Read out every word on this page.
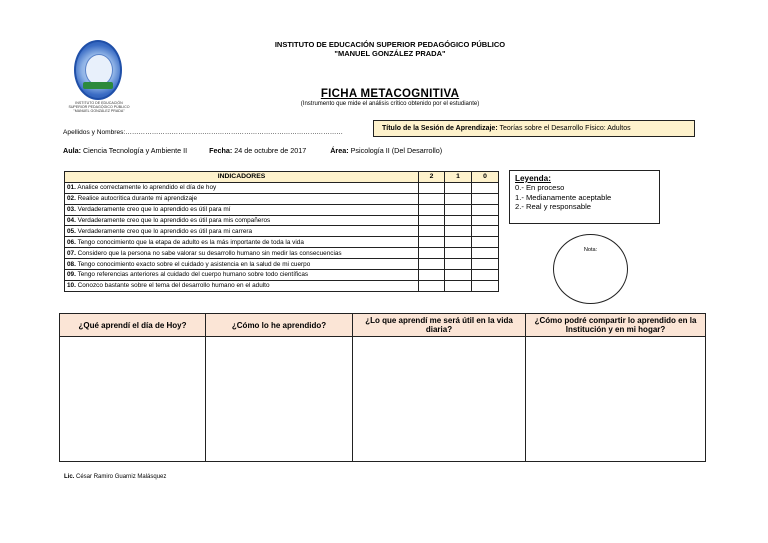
INSTITUTO DE EDUCACIÓN SUPERIOR PEDAGÓGICO PÚBLICO
"MANUEL GONZÁLEZ PRADA"
INSTITUTO DE EDUCACIÓN SUPERIOR PEDAGÓGICO PÚBLICO
"MANUEL GONZÁLEZ PRADA"
FICHA METACOGNITIVA
(Instrumento que mide el análisis crítico obtenido por el estudiante)
Apellidos y Nombres:………………………………………………………………………………………
Título de la Sesión de Aprendizaje: Teorías sobre el Desarrollo Físico: Adultos
Aula: Ciencia Tecnología y Ambiente II	Fecha: 24 de octubre de 2017	Área: Psicología II (Del Desarrollo)
INDICADORES	2	1	0
01. Analice correctamente lo aprendido el día de hoy			
02. Realice autocrítica durante mi aprendizaje			
03. Verdaderamente creo que lo aprendido es útil para mí			
04. Verdaderamente creo que lo aprendido es útil para mis compañeros			
05. Verdaderamente creo que lo aprendido es útil para mi carrera			
06. Tengo conocimiento que la etapa de adulto es la más importante de toda la vida			
07. Considero que la persona no sabe valorar su desarrollo humano sin medir las consecuencias			
08. Tengo conocimiento exacto sobre el cuidado y asistencia en la salud de mi cuerpo			
09. Tengo referencias anteriores al cuidado del cuerpo humano sobre todo científicas			
10. Conozco bastante sobre el tema del desarrollo humano en el adulto			
Leyenda:
0.- En proceso
1.- Medianamente aceptable
2.- Real y responsable
Nota:
¿Qué aprendí el día de Hoy?	¿Cómo lo he aprendido?	¿Lo que aprendí me será útil en la vida diaria?	¿Cómo podré compartir lo aprendido en la Institución y en mi hogar?

Lic. César Ramiro Guarniz Malásquez
